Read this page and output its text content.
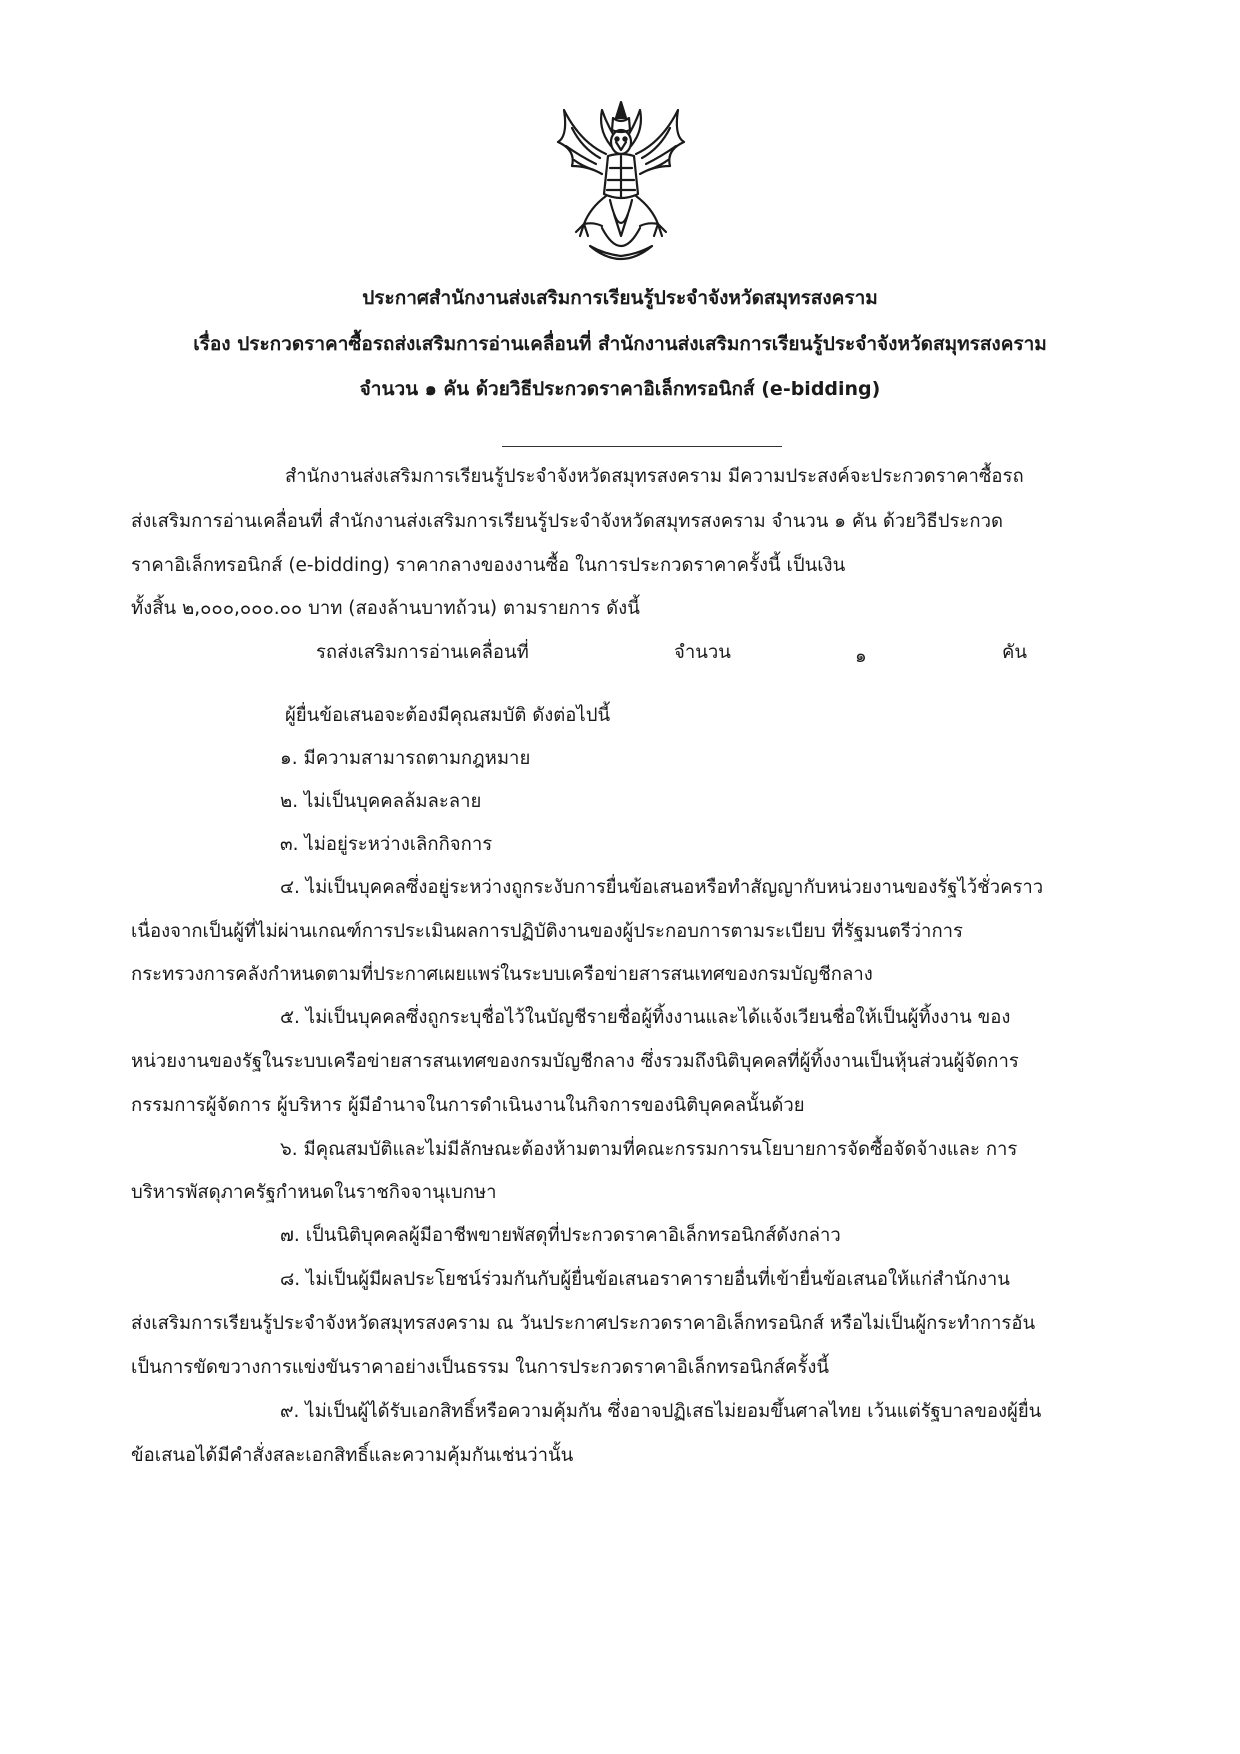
ประกาศสำนักงานส่งเสริมการเรียนรู้ประจำจังหวัดสมุทรสงคราม
เรื่อง ประกวดราคาซื้อรถส่งเสริมการอ่านเคลื่อนที่ สำนักงานส่งเสริมการเรียนรู้ประจำจังหวัดสมุทรสงคราม
จำนวน ๑ คัน ด้วยวิธีประกวดราคาอิเล็กทรอนิกส์ (e-bidding)
สำนักงานส่งเสริมการเรียนรู้ประจำจังหวัดสมุทรสงคราม มีความประสงค์จะประกวดราคาซื้อรถ
ส่งเสริมการอ่านเคลื่อนที่ สำนักงานส่งเสริมการเรียนรู้ประจำจังหวัดสมุทรสงคราม จำนวน ๑ คัน ด้วยวิธีประกวด
ราคาอิเล็กทรอนิกส์ (e-bidding) ราคากลางของงานซื้อ ในการประกวดราคาครั้งนี้ เป็นเงิน
ทั้งสิ้น ๒,๐๐๐,๐๐๐.๐๐ บาท (สองล้านบาทถ้วน) ตามรายการ ดังนี้
รถส่งเสริมการอ่านเคลื่อนที่	จำนวน	๑	คัน
ผู้ยื่นข้อเสนอจะต้องมีคุณสมบัติ ดังต่อไปนี้
๑. มีความสามารถตามกฎหมาย
๒. ไม่เป็นบุคคลล้มละลาย
๓. ไม่อยู่ระหว่างเลิกกิจการ
๔. ไม่เป็นบุคคลซึ่งอยู่ระหว่างถูกระงับการยื่นข้อเสนอหรือทำสัญญากับหน่วยงานของรัฐไว้ชั่วคราว
เนื่องจากเป็นผู้ที่ไม่ผ่านเกณฑ์การประเมินผลการปฏิบัติงานของผู้ประกอบการตามระเบียบ ที่รัฐมนตรีว่าการ
กระทรวงการคลังกำหนดตามที่ประกาศเผยแพร่ในระบบเครือข่ายสารสนเทศของกรมบัญชีกลาง
๕. ไม่เป็นบุคคลซึ่งถูกระบุชื่อไว้ในบัญชีรายชื่อผู้ทิ้งงานและได้แจ้งเวียนชื่อให้เป็นผู้ทิ้งงาน ของ
หน่วยงานของรัฐในระบบเครือข่ายสารสนเทศของกรมบัญชีกลาง ซึ่งรวมถึงนิติบุคคลที่ผู้ทิ้งงานเป็นหุ้นส่วนผู้จัดการ
กรรมการผู้จัดการ ผู้บริหาร ผู้มีอำนาจในการดำเนินงานในกิจการของนิติบุคคลนั้นด้วย
๖. มีคุณสมบัติและไม่มีลักษณะต้องห้ามตามที่คณะกรรมการนโยบายการจัดซื้อจัดจ้างและ การ
บริหารพัสดุภาครัฐกำหนดในราชกิจจานุเบกษา
๗. เป็นนิติบุคคลผู้มีอาชีพขายพัสดุที่ประกวดราคาอิเล็กทรอนิกส์ดังกล่าว
๘. ไม่เป็นผู้มีผลประโยชน์ร่วมกันกับผู้ยื่นข้อเสนอราคารายอื่นที่เข้ายื่นข้อเสนอให้แก่สำนักงาน
ส่งเสริมการเรียนรู้ประจำจังหวัดสมุทรสงคราม ณ วันประกาศประกวดราคาอิเล็กทรอนิกส์ หรือไม่เป็นผู้กระทำการอัน
เป็นการขัดขวางการแข่งขันราคาอย่างเป็นธรรม ในการประกวดราคาอิเล็กทรอนิกส์ครั้งนี้
๙. ไม่เป็นผู้ได้รับเอกสิทธิ์หรือความคุ้มกัน ซึ่งอาจปฏิเสธไม่ยอมขึ้นศาลไทย เว้นแต่รัฐบาลของผู้ยื่น
ข้อเสนอได้มีคำสั่งสละเอกสิทธิ์และความคุ้มกันเช่นว่านั้น
